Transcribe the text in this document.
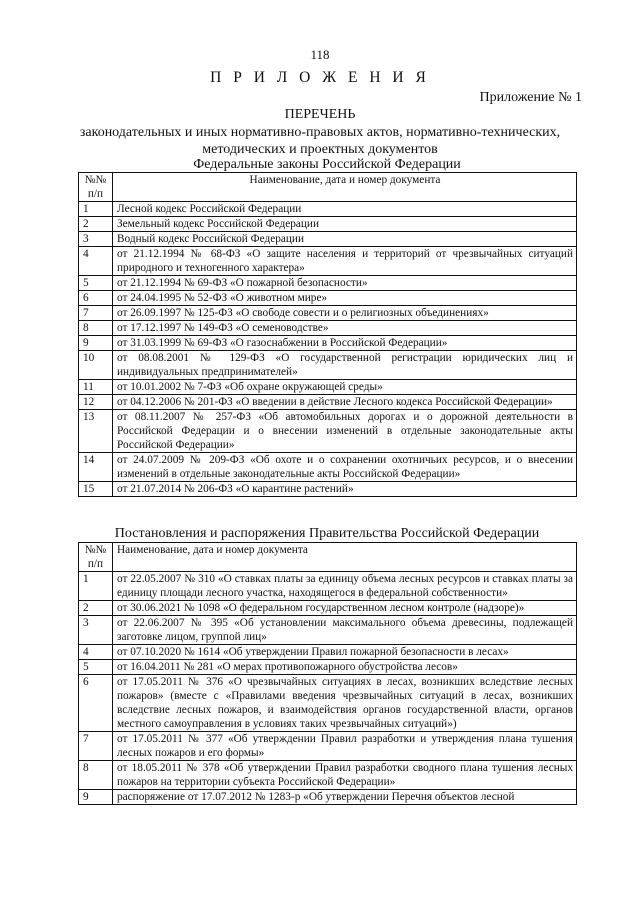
118
П Р И Л О Ж Е Н И Я
Приложение № 1
ПЕРЕЧЕНЬ
законодательных и иных нормативно-правовых актов, нормативно-технических, методических и проектных документов
Федеральные законы Российской Федерации
№№ п/п	Наименование, дата и номер документа
1	Лесной кодекс Российской Федерации
2	Земельный кодекс Российской Федерации
3	Водный кодекс Российской Федерации
4	от 21.12.1994 № 68-ФЗ «О защите населения и территорий от чрезвычайных ситуаций природного и техногенного характера»
5	от 21.12.1994 № 69-ФЗ «О пожарной безопасности»
6	от 24.04.1995 № 52-ФЗ «О животном мире»
7	от 26.09.1997 № 125-ФЗ «О свободе совести и о религиозных объединениях»
8	от 17.12.1997 № 149-ФЗ «О семеноводстве»
9	от 31.03.1999 № 69-ФЗ «О газоснабжении в Российской Федерации»
10	от 08.08.2001 № 129-ФЗ «О государственной регистрации юридических лиц и индивидуальных предпринимателей»
11	от 10.01.2002 № 7-ФЗ «Об охране окружающей среды»
12	от 04.12.2006 № 201-ФЗ «О введении в действие Лесного кодекса Российской Федерации»
13	от 08.11.2007 № 257-ФЗ «Об автомобильных дорогах и о дорожной деятельности в Российской Федерации и о внесении изменений в отдельные законодательные акты Российской Федерации»
14	от 24.07.2009 № 209-ФЗ «Об охоте и о сохранении охотничьих ресурсов, и о внесении изменений в отдельные законодательные акты Российской Федерации»
15	от 21.07.2014 № 206-ФЗ «О карантине растений»
Постановления и распоряжения Правительства Российской Федерации
№№ п/п	Наименование, дата и номер документа
1	от 22.05.2007 № 310 «О ставках платы за единицу объема лесных ресурсов и ставках платы за единицу площади лесного участка, находящегося в федеральной собственности»
2	от 30.06.2021 № 1098 «О федеральном государственном лесном контроле (надзоре)»
3	от 22.06.2007 № 395 «Об установлении максимального объема древесины, подлежащей заготовке лицом, группой лиц»
4	от 07.10.2020 № 1614 «Об утверждении Правил пожарной безопасности в лесах»
5	от 16.04.2011 № 281 «О мерах противопожарного обустройства лесов»
6	от 17.05.2011 № 376 «О чрезвычайных ситуациях в лесах, возникших вследствие лесных пожаров» (вместе с «Правилами введения чрезвычайных ситуаций в лесах, возникших вследствие лесных пожаров, и взаимодействия органов государственной власти, органов местного самоуправления в условиях таких чрезвычайных ситуаций»)
7	от 17.05.2011 № 377 «Об утверждении Правил разработки и утверждения плана тушения лесных пожаров и его формы»
8	от 18.05.2011 № 378 «Об утверждении Правил разработки сводного плана тушения лесных пожаров на территории субъекта Российской Федерации»
9	распоряжение от 17.07.2012 № 1283-р «Об утверждении Перечня объектов лесной
